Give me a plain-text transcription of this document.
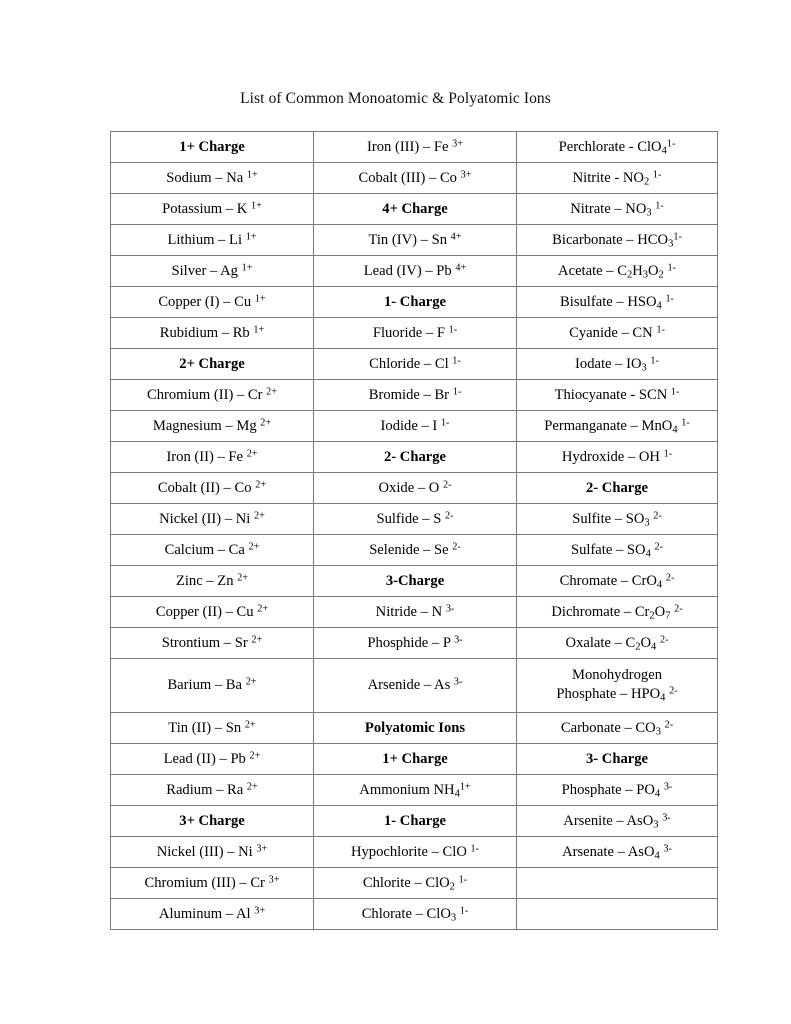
List of Common Monoatomic & Polyatomic Ions
1+ Charge	Iron (III) – Fe $^{3+}$	Perchlorate - ClO$_4^{1-}$
Sodium – Na $^{1+}$	Cobalt (III) – Co $^{3+}$	Nitrite - $NO_2$ $^{1-}$
Potassium – K $^{1+}$	4+ Charge	Nitrate – $NO_3$ $^{1-}$
Lithium – Li $^{1+}$	Tin (IV) – Sn $^{4+}$	Bicarbonate – $HCO_3^{1-}$
Silver – Ag $^{1+}$	Lead (IV) – Pb $^{4+}$	Acetate – $C_2H_3O_2$ $^{1-}$
Copper (I) – Cu $^{1+}$	1- Charge	Bisulfate – $HSO_4$ $^{1-}$
Rubidium – Rb $^{1+}$	Fluoride – F $^{1-}$	Cyanide – CN $^{1-}$
2+ Charge	Chloride – Cl $^{1-}$	Iodate – $IO_3$ $^{1-}$
Chromium (II) – Cr $^{2+}$	Bromide – Br $^{1-}$	Thiocyanate - SCN $^{1-}$
Magnesium – Mg $^{2+}$	Iodide – I $^{1-}$	Permanganate – MnO$_4$ $^{1-}$
Iron (II) – Fe $^{2+}$	2- Charge	Hydroxide – OH $^{1-}$
Cobalt (II) – Co $^{2+}$	Oxide – O $^{2-}$	2- Charge
Nickel (II) – Ni $^{2+}$	Sulfide – S $^{2-}$	Sulfite – $SO_3$ $^{2-}$
Calcium – Ca $^{2+}$	Selenide – Se $^{2-}$	Sulfate – $SO_4$ $^{2-}$
Zinc – Zn $^{2+}$	3-Charge	Chromate – CrO$_4$ $^{2-}$
Copper (II) – Cu $^{2+}$	Nitride – N $^{3-}$	Dichromate – $Cr_2O_7$ $^{2-}$
Strontium – Sr $^{2+}$	Phosphide – P $^{3-}$	Oxalate – $C_2O_4$ $^{2-}$
Barium – Ba $^{2+}$	Arsenide – As $^{3-}$	Monohydrogen
Phosphate – $HPO_4$ $^{2-}$
Tin (II) – Sn $^{2+}$	Polyatomic Ions	Carbonate – $CO_3$ $^{2-}$
Lead (II) – Pb $^{2+}$	1+ Charge	3- Charge
Radium – Ra $^{2+}$	Ammonium $NH_4^{1+}$	Phosphate – $PO_4$ $^{3-}$
3+ Charge	1- Charge	Arsenite – AsO$_3$ $^{3-}$
Nickel (III) – Ni $^{3+}$	Hypochlorite – ClO $^{1-}$	Arsenate – AsO$_4$ $^{3-}$
Chromium (III) – Cr $^{3+}$	Chlorite – ClO$_2$ $^{1-}$	
Aluminum – Al $^{3+}$	Chlorate – ClO$_3$ $^{1-}$	
